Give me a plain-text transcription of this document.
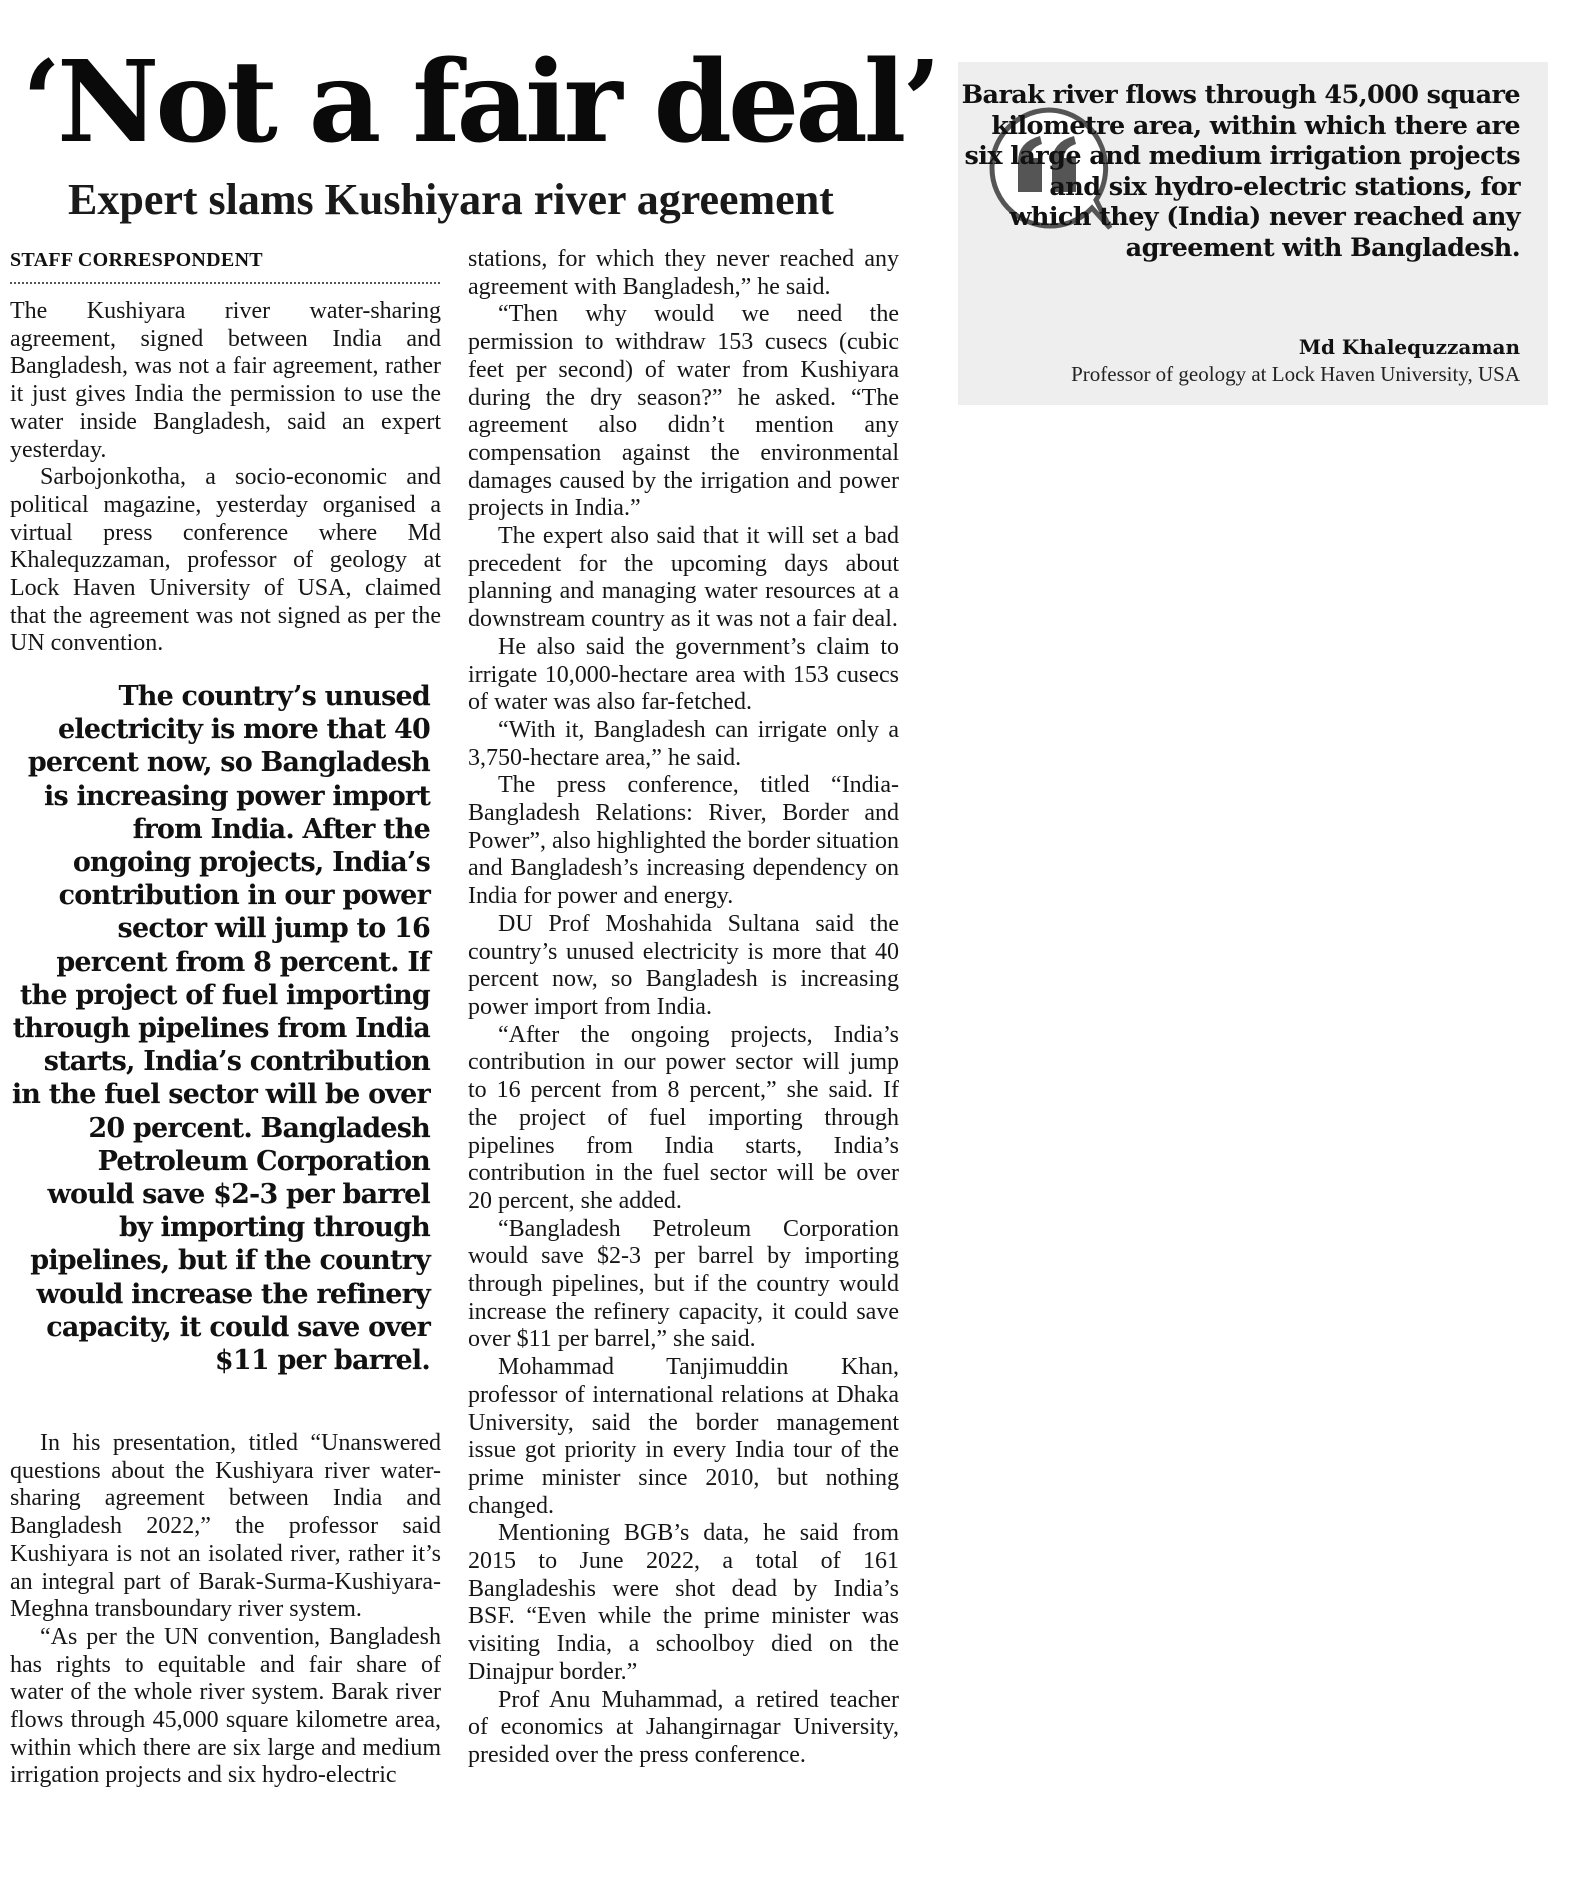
‘Not a fair deal’
Expert slams Kushiyara river agreement
STAFF CORRESPONDENT

The Kushiyara river water-sharing agreement, signed between India and Bangladesh, was not a fair agreement, rather it just gives India the permission to use the water inside Bangladesh, said an expert yesterday.

Sarbojonkotha, a socio-economic and political magazine, yesterday organised a virtual press conference where Md Khalequzzaman, professor of geology at Lock Haven University of USA, claimed that the agreement was not signed as per the UN convention.

The country’s unused electricity is more that 40 percent now, so Bangladesh is increasing power import from India. After the ongoing projects, India’s contribution in our power sector will jump to 16 percent from 8 percent. If the project of fuel importing through pipelines from India starts, India’s contribution in the fuel sector will be over 20 percent. Bangladesh Petroleum Corporation would save $2-3 per barrel by importing through pipelines, but if the country would increase the refinery capacity, it could save over $11 per barrel.

In his presentation, titled “Unanswered questions about the Kushiyara river water-sharing agreement between India and Bangladesh 2022,” the professor said Kushiyara is not an isolated river, rather it’s an integral part of Barak-Surma-Kushiyara-Meghna transboundary river system.

“As per the UN convention, Bangladesh has rights to equitable and fair share of water of the whole river system. Barak river flows through 45,000 square kilometre area, within which there are six large and medium irrigation projects and six hydro-electric

stations, for which they never reached any agreement with Bangladesh,” he said.

“Then why would we need the permission to withdraw 153 cusecs (cubic feet per second) of water from Kushiyara during the dry season?” he asked. “The agreement also didn’t mention any compensation against the environmental damages caused by the irrigation and power projects in India.”

The expert also said that it will set a bad precedent for the upcoming days about planning and managing water resources at a downstream country as it was not a fair deal.

He also said the government’s claim to irrigate 10,000-hectare area with 153 cusecs of water was also far-fetched.

“With it, Bangladesh can irrigate only a 3,750-hectare area,” he said.

The press conference, titled “India-Bangladesh Relations: River, Border and Power”, also highlighted the border situation and Bangladesh’s increasing dependency on India for power and energy.

DU Prof Moshahida Sultana said the country’s unused electricity is more that 40 percent now, so Bangladesh is increasing power import from India.

“After the ongoing projects, India’s contribution in our power sector will jump to 16 percent from 8 percent,” she said. If the project of fuel importing through pipelines from India starts, India’s contribution in the fuel sector will be over 20 percent, she added.

“Bangladesh Petroleum Corporation would save $2-3 per barrel by importing through pipelines, but if the country would increase the refinery capacity, it could save over $11 per barrel,” she said.

Mohammad Tanjimuddin Khan, professor of international relations at Dhaka University, said the border management issue got priority in every India tour of the prime minister since 2010, but nothing changed.

Mentioning BGB’s data, he said from 2015 to June 2022, a total of 161 Bangladeshis were shot dead by India’s BSF. “Even while the prime minister was visiting India, a schoolboy died on the Dinajpur border.”

Prof Anu Muhammad, a retired teacher of economics at Jahangirnagar University, presided over the press conference.

Barak river flows through 45,000 square kilometre area, within which there are six large and medium irrigation projects and six hydro-electric stations, for which they (India) never reached any agreement with Bangladesh.

Md Khalequzzaman
Professor of geology at Lock Haven University, USA
